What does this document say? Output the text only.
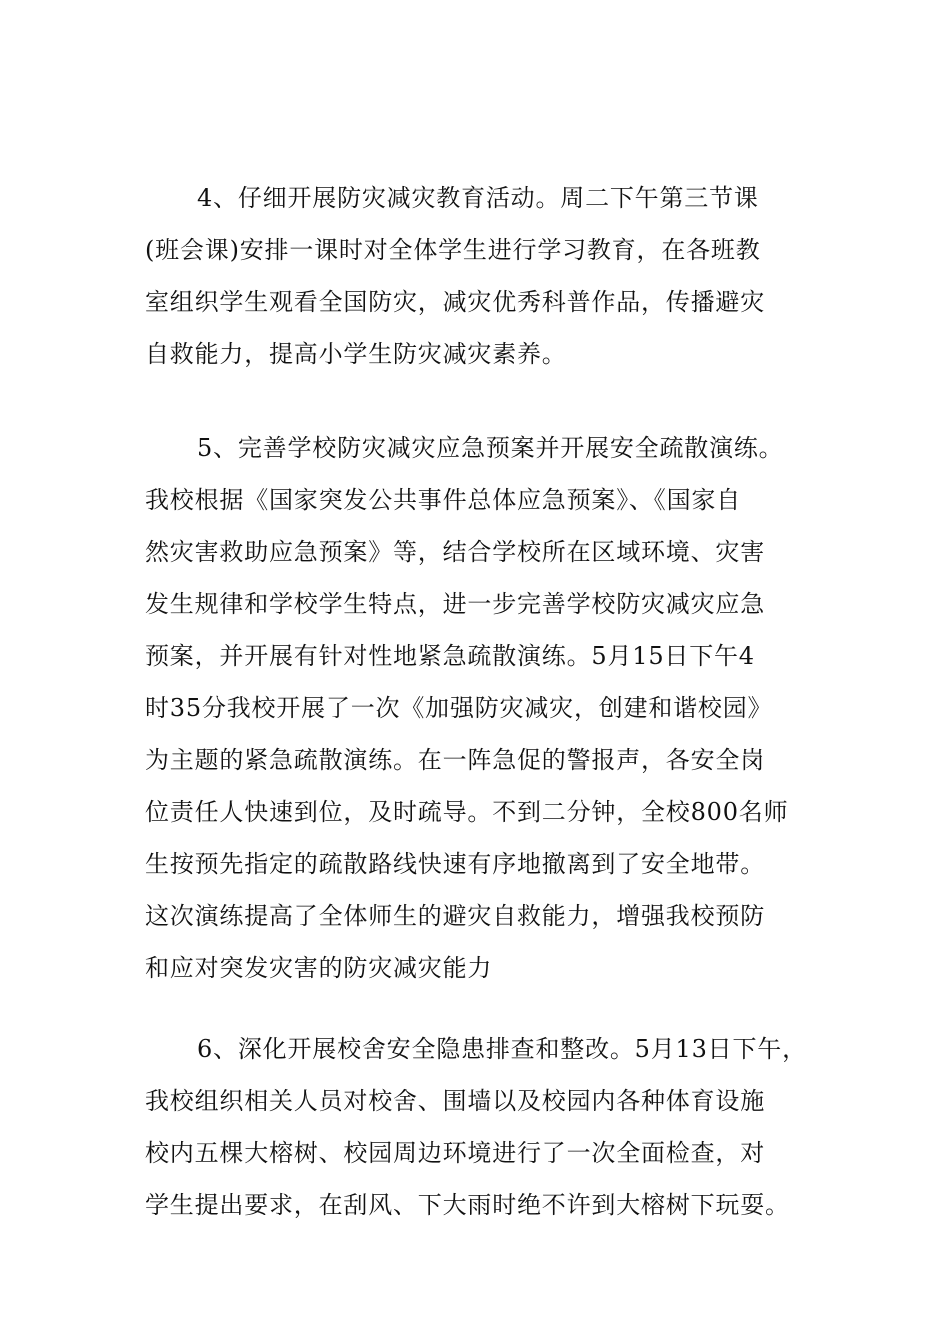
4、仔细开展防灾减灾教育活动。周二下午第三节课
(班会课)安排一课时对全体学生进行学习教育，在各班教
室组织学生观看全国防灾，减灾优秀科普作品，传播避灾
自救能力，提高小学生防灾减灾素养。
5、完善学校防灾减灾应急预案并开展安全疏散演练。
我校根据《国家突发公共事件总体应急预案》、《国家自
然灾害救助应急预案》等，结合学校所在区域环境、灾害
发生规律和学校学生特点，进一步完善学校防灾减灾应急
预案，并开展有针对性地紧急疏散演练。5月15日下午4
时35分我校开展了一次《加强防灾减灾，创建和谐校园》
为主题的紧急疏散演练。在一阵急促的警报声，各安全岗
位责任人快速到位，及时疏导。不到二分钟，全校800名师
生按预先指定的疏散路线快速有序地撤离到了安全地带。
这次演练提高了全体师生的避灾自救能力，增强我校预防
和应对突发灾害的防灾减灾能力
6、深化开展校舍安全隐患排查和整改。5月13日下午，
我校组织相关人员对校舍、围墙以及校园内各种体育设施
校内五棵大榕树、校园周边环境进行了一次全面检查，对
学生提出要求，在刮风、下大雨时绝不许到大榕树下玩耍。
